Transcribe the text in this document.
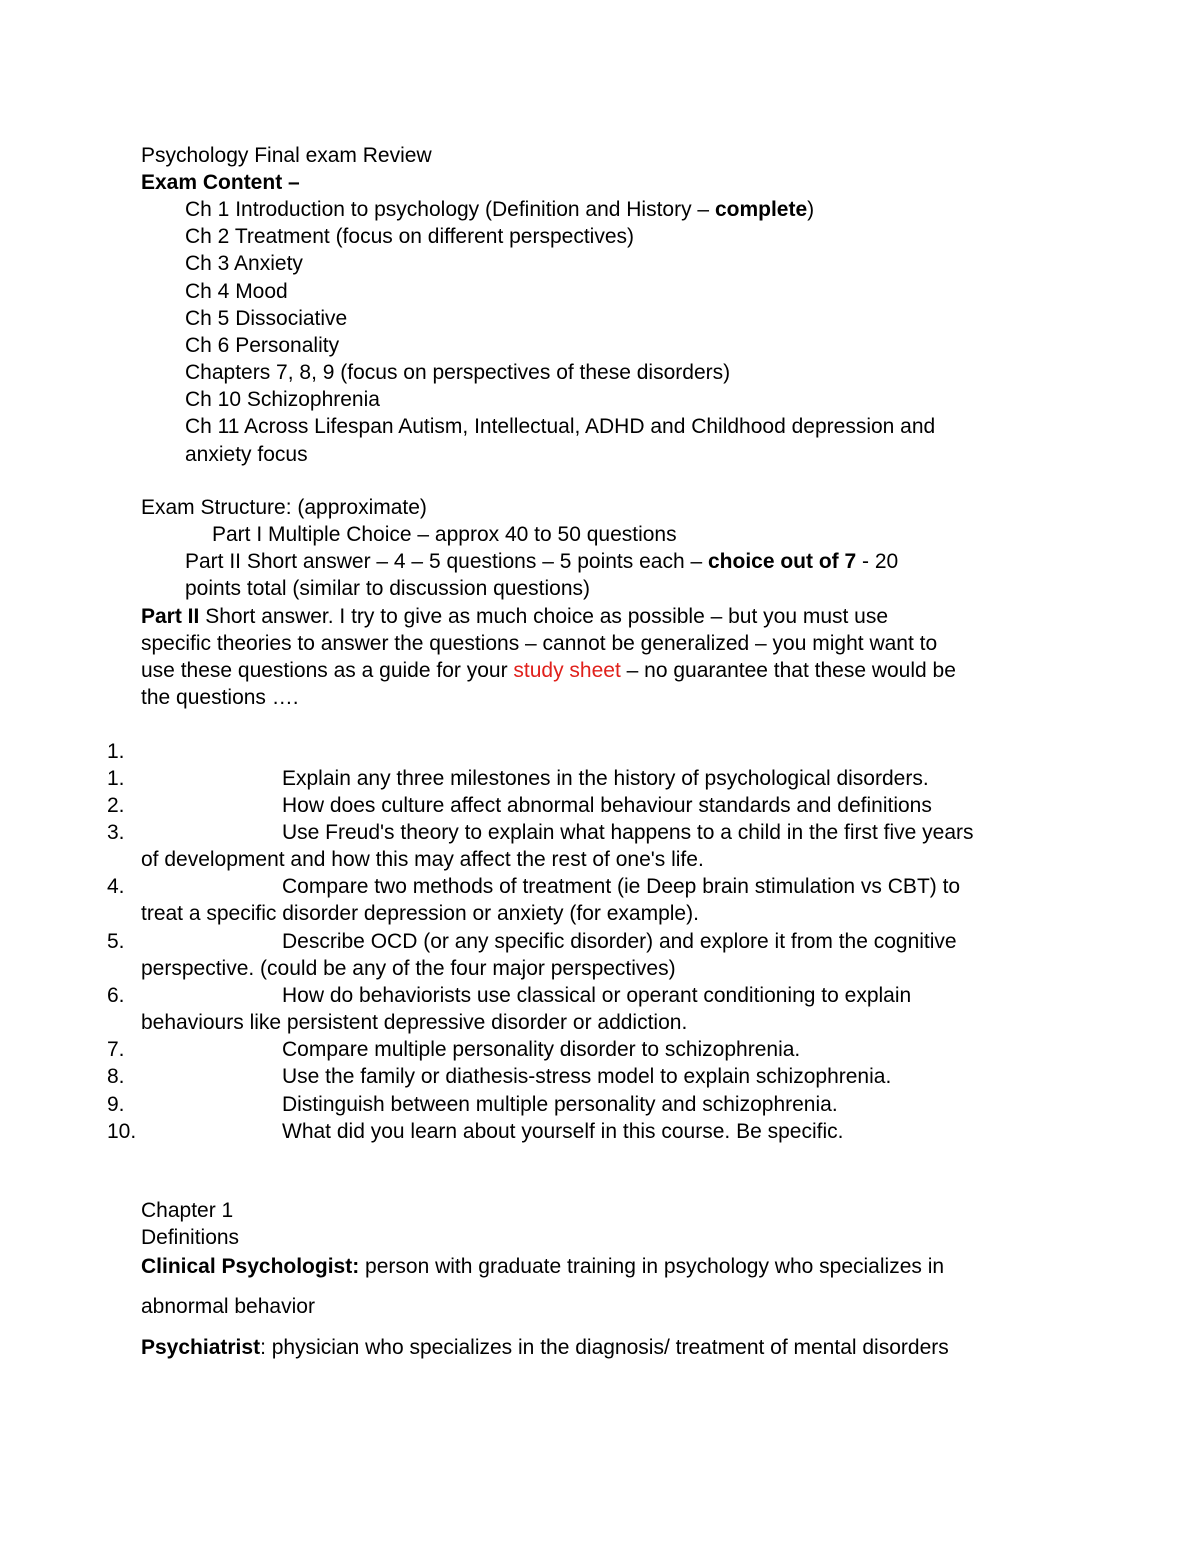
Psychology Final exam Review
Exam Content –
Ch 1 Introduction to psychology (Definition and History – complete)
Ch 2 Treatment (focus on different perspectives)
Ch 3 Anxiety
Ch 4 Mood
Ch 5 Dissociative
Ch 6 Personality
Chapters 7, 8, 9 (focus on perspectives of these disorders)
Ch 10 Schizophrenia
Ch 11 Across Lifespan Autism, Intellectual, ADHD and Childhood depression and
anxiety focus
Exam Structure: (approximate)
Part I Multiple Choice – approx 40 to 50 questions
Part II Short answer – 4 – 5 questions – 5 points each – choice out of 7 - 20
points total (similar to discussion questions)
Part II Short answer. I try to give as much choice as possible – but you must use
specific theories to answer the questions – cannot be generalized – you might want to
use these questions as a guide for your study sheet – no guarantee that these would be
the questions ….
1.
1.	Explain any three milestones in the history of psychological disorders.
2.	How does culture affect abnormal behaviour standards and definitions
3.	Use Freud's theory to explain what happens to a child in the first five years
of development and how this may affect the rest of one's life.
4.	Compare two methods of treatment (ie Deep brain stimulation vs CBT) to
treat a specific disorder depression or anxiety (for example).
5.	Describe OCD (or any specific disorder) and explore it from the cognitive
perspective. (could be any of the four major perspectives)
6.	How do behaviorists use classical or operant conditioning to explain
behaviours like persistent depressive disorder or addiction.
7.	Compare multiple personality disorder to schizophrenia.
8.	Use the family or diathesis-stress model to explain schizophrenia.
9.	Distinguish between multiple personality and schizophrenia.
10.	What did you learn about yourself in this course. Be specific.
Chapter 1
Definitions
Clinical Psychologist: person with graduate training in psychology who specializes in
abnormal behavior
Psychiatrist: physician who specializes in the diagnosis/ treatment of mental disorders
